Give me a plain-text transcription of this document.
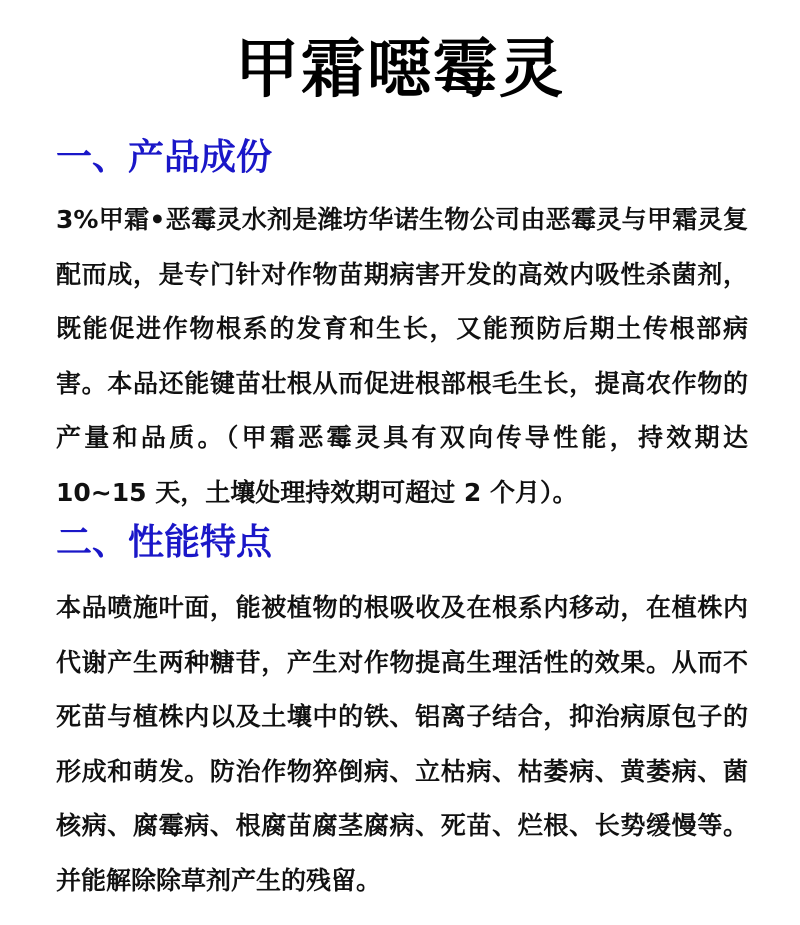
甲霜噁霉灵
一、产品成份
3%甲霜•恶霉灵水剂是潍坊华诺生物公司由恶霉灵与甲霜灵复配而成，是专门针对作物苗期病害开发的高效内吸性杀菌剂，既能促进作物根系的发育和生长，又能预防后期土传根部病害。本品还能键苗壮根从而促进根部根毛生长，提高农作物的产量和品质。（甲霜恶霉灵具有双向传导性能，持效期达 10~15 天，土壤处理持效期可超过 2 个月）。
二、性能特点
本品喷施叶面，能被植物的根吸收及在根系内移动，在植株内代谢产生两种糖苷，产生对作物提高生理活性的效果。从而不死苗与植株内以及土壤中的铁、铝离子结合，抑治病原包子的形成和萌发。防治作物猝倒病、立枯病、枯萎病、黄萎病、菌核病、腐霉病、根腐苗腐茎腐病、死苗、烂根、长势缓慢等。并能解除除草剂产生的残留。
